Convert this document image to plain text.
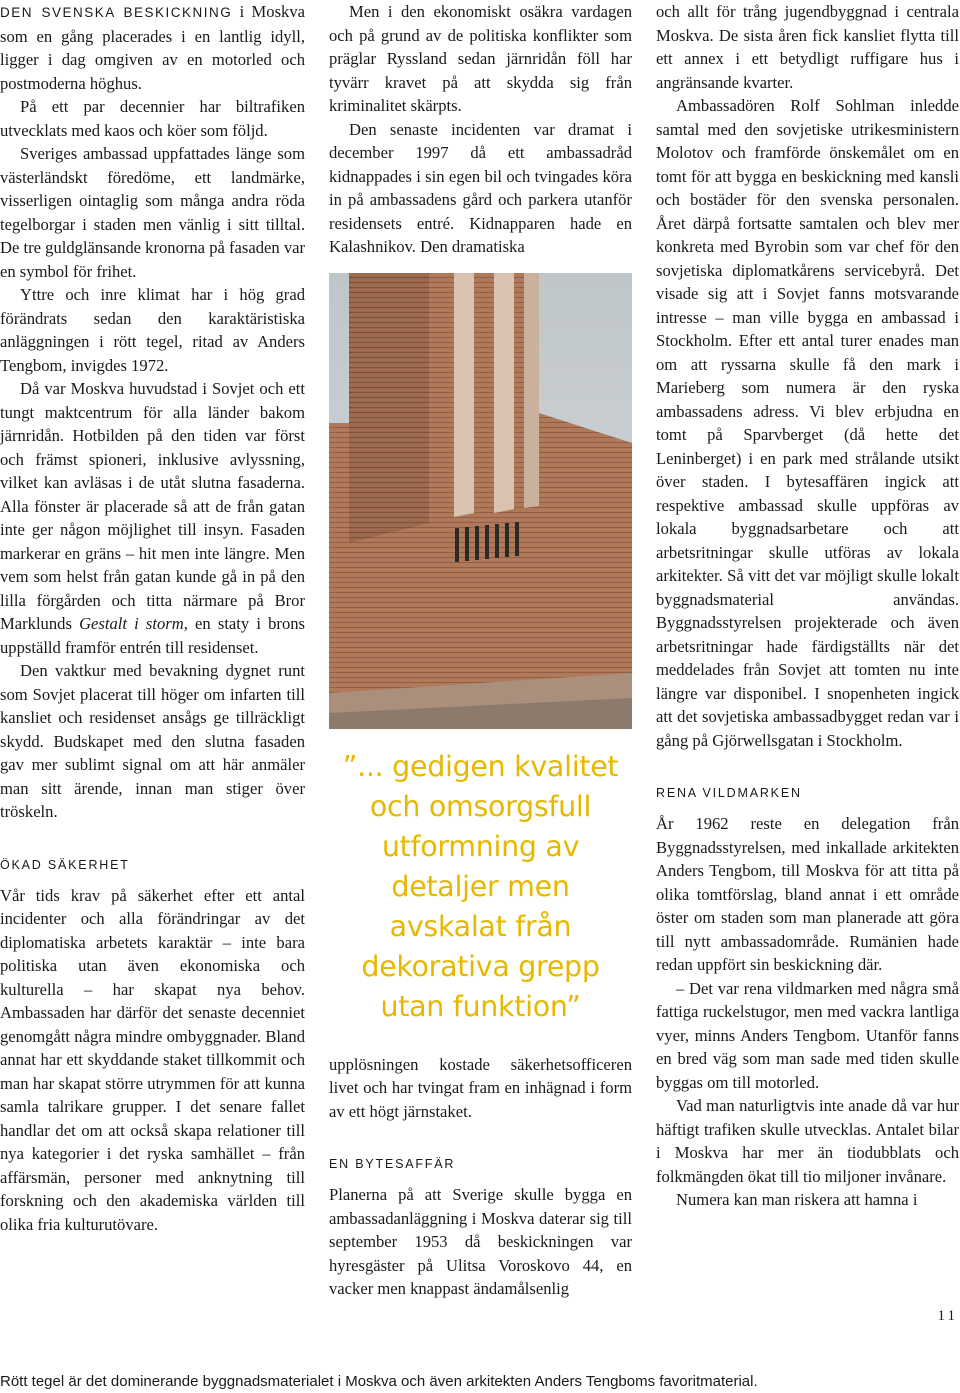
DEN SVENSKA BESKICKNING i Moskva som en gång placerades i en lantlig idyll, ligger i dag omgiven av en motorled och postmoderna höghus.

På ett par decennier har biltrafiken utvecklats med kaos och köer som följd.

Sveriges ambassad uppfattades länge som västerländskt föredöme, ett landmärke, visserligen ointaglig som många andra röda tegelborgar i staden men vänlig i sitt tilltal. De tre guldglänsande kronorna på fasaden var en symbol för frihet.

Yttre och inre klimat har i hög grad förändrats sedan den karaktäristiska anläggningen i rött tegel, ritad av Anders Tengbom, invigdes 1972.

Då var Moskva huvudstad i Sovjet och ett tungt maktcentrum för alla länder bakom järnridån. Hotbilden på den tiden var först och främst spioneri, inklusive avlyssning, vilket kan avläsas i de utåt slutna fasaderna. Alla fönster är placerade så att de från gatan inte ger någon möjlighet till insyn. Fasaden markerar en gräns – hit men inte längre. Men vem som helst från gatan kunde gå in på den lilla förgården och titta närmare på Bror Marklunds Gestalt i storm, en staty i brons uppställd framför entrén till residenset.

Den vaktkur med bevakning dygnet runt som Sovjet placerat till höger om infarten till kansliet och residenset ansågs ge tillräckligt skydd. Budskapet med den slutna fasaden gav mer sublimt signal om att här anmäler man sitt ärende, innan man stiger över tröskeln.

ÖKAD SÄKERHET

Vår tids krav på säkerhet efter ett antal incidenter och alla förändringar av det diplomatiska arbetets karaktär – inte bara politiska utan även ekonomiska och kulturella – har skapat nya behov. Ambassaden har därför det senaste decenniet genomgått några mindre ombyggnader. Bland annat har ett skyddande staket tillkommit och man har skapat större utrymmen för att kunna samla talrikare grupper. I det senare fallet handlar det om att också skapa relationer till nya kategorier i det ryska samhället – från affärsmän, personer med anknytning till forskning och den akademiska världen till olika fria kulturutövare.

Men i den ekonomiskt osäkra vardagen och på grund av de politiska konflikter som präglar Ryssland sedan järnridån föll har tyvärr kravet på att skydda sig från kriminalitet skärpts.

Den senaste incidenten var dramat i december 1997 då ett ambassadråd kidnappades i sin egen bil och tvingades köra in på ambassadens gård och parkera utanför residensets entré. Kidnapparen hade en Kalashnikov. Den dramatiska

”... gedigen kvalitet och omsorgsfull utformning av detaljer men avskalat från dekorativa grepp utan funktion”

upplösningen kostade säkerhetsofficeren livet och har tvingat fram en inhägnad i form av ett högt järnstaket.

EN BYTESAFFÄR

Planerna på att Sverige skulle bygga en ambassadanläggning i Moskva daterar sig till september 1953 då beskickningen var hyresgäster på Ulitsa Voroskovo 44, en vacker men knappast ändamålsenlig

och allt för trång jugendbyggnad i centrala Moskva. De sista åren fick kansliet flytta till ett annex i ett betydligt ruffigare hus i angränsande kvarter.

Ambassadören Rolf Sohlman inledde samtal med den sovjetiske utrikesministern Molotov och framförde önskemålet om en tomt för att bygga en beskickning med kansli och bostäder för den svenska personalen. Året därpå fortsatte samtalen och blev mer konkreta med Byrobin som var chef för den sovjetiska diplomatkårens servicebyrå. Det visade sig att i Sovjet fanns motsvarande intresse – man ville bygga en ambassad i Stockholm. Efter ett antal turer enades man om att ryssarna skulle få den mark i Marieberg som numera är den ryska ambassadens adress. Vi blev erbjudna en tomt på Sparvberget (då hette det Leninberget) i en park med strålande utsikt över staden. I bytesaffären ingick att respektive ambassad skulle uppföras av lokala byggnadsarbetare och att arbetsritningar skulle utföras av lokala arkitekter. Så vitt det var möjligt skulle lokalt byggnadsmaterial användas. Byggnadsstyrelsen projekterade och även arbetsritningar hade färdigställts när det meddelades från Sovjet att tomten nu inte längre var disponibel. I snopenheten ingick att det sovjetiska ambassadbygget redan var i gång på Gjörwellsgatan i Stockholm.

RENA VILDMARKEN

År 1962 reste en delegation från Byggnadsstyrelsen, med inkallade arkitekten Anders Tengbom, till Moskva för att titta på olika tomtförslag, bland annat i ett område öster om staden som man planerade att göra till nytt ambassadområde. Rumänien hade redan uppfört sin beskickning där.

– Det var rena vildmarken med några små fattiga ruckelstugor, men med vackra lantliga vyer, minns Anders Tengbom. Utanför fanns en bred väg som man sade med tiden skulle byggas om till motorled.

Vad man naturligtvis inte anade då var hur häftigt trafiken skulle utvecklas. Antalet bilar i Moskva har mer än tiodubblats och folkmängden ökat till tio miljoner invånare.

Numera kan man riskera att hamna i

11
Rött tegel är det dominerande byggnadsmaterialet i Moskva och även arkitekten Anders Tengboms favoritmaterial.
